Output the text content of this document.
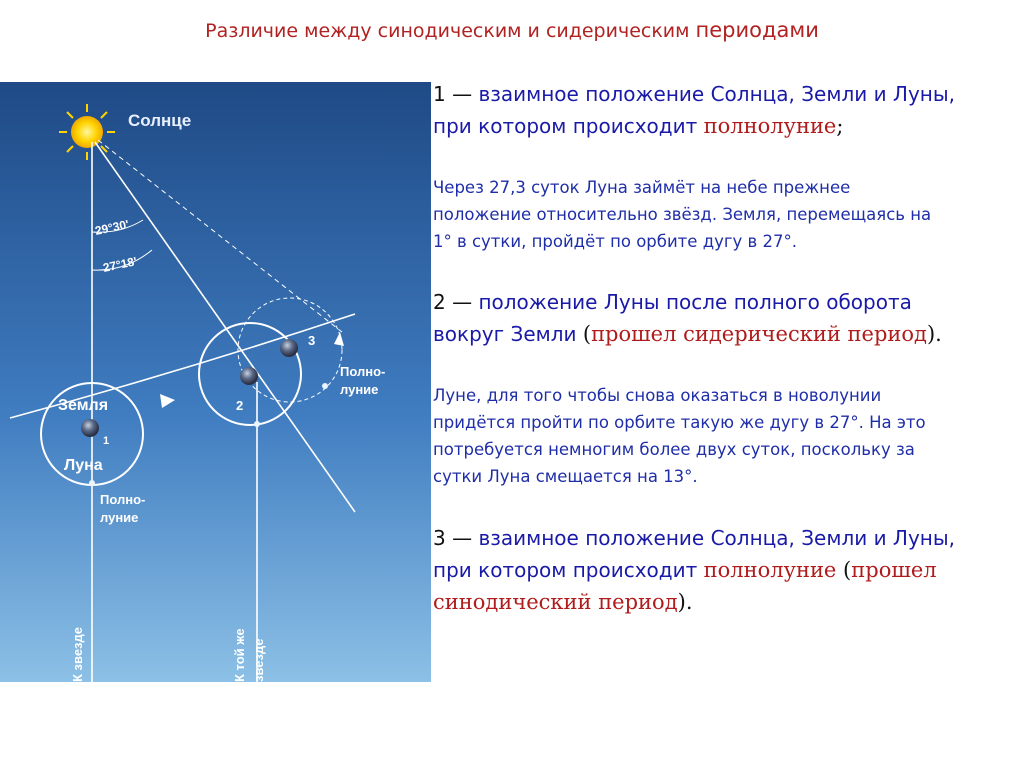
Различие между синодическим и сидерическим периодами
Солнце
29°30'
27°18'
Земля
Луна
1
2
3
Полно-
луние
Полно-
луние
К звезде	К той же звезде

1 — взаимное положение Солнца, Земли и Луны,

при котором происходит полнолуние;

Через 27,3 суток Луна займёт на небе прежнее

положение относительно звёзд. Земля, перемещаясь на

1° в сутки, пройдёт по орбите дугу в 27°.

2 — положение Луны после полного оборота

вокруг Земли (прошел сидерический период).

Луне, для того чтобы снова оказаться в новолунии

придётся пройти по орбите такую же дугу в 27°. На это

потребуется немногим более двух суток, поскольку за

сутки Луна смещается на 13°.

3 — взаимное положение Солнца, Земли и Луны,

при котором происходит полнолуние (прошел

синодический период).
